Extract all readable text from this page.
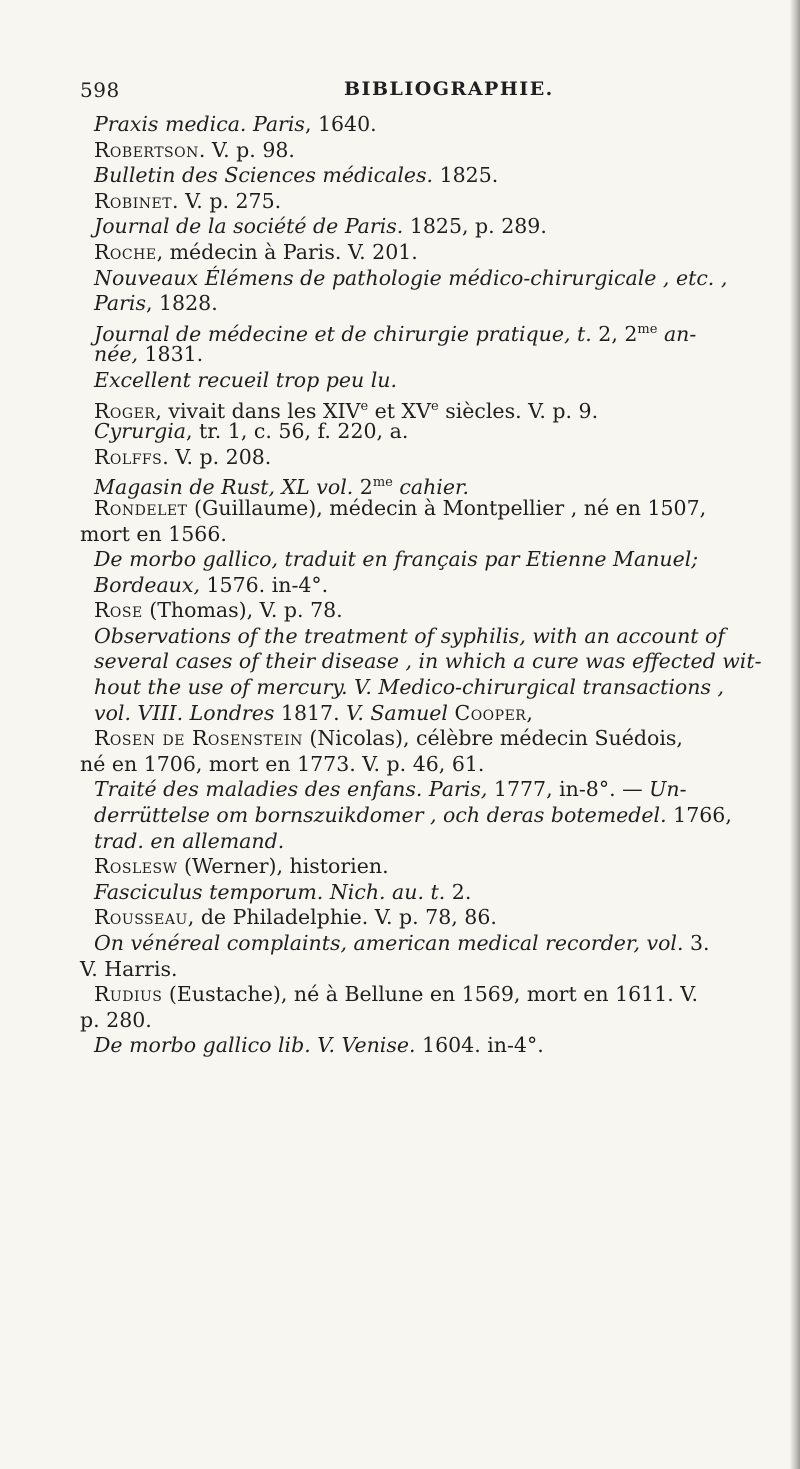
598	BIBLIOGRAPHIE.
Praxis medica. Paris, 1640.
Robertson. V. p. 98.
Bulletin des Sciences médicales. 1825.
Robinet. V. p. 275.
Journal de la société de Paris. 1825, p. 289.
Roche, médecin à Paris. V. 201.
Nouveaux Élémens de pathologie médico-chirurgicale , etc. ,
Paris, 1828.
Journal de médecine et de chirurgie pratique, t. 2, $2^{me}$ an-
née, 1831.
Excellent recueil trop peu lu.
Roger, vivait dans les XIVe et XVe siècles. V. p. 9.
Cyrurgia, tr. 1, c. 56, f. 220, a.
Rolffs. V. p. 208.
Magasin de Rust, XL vol. $2^{me}$ cahier.
Rondelet (Guillaume), médecin à Montpellier , né en 1507,
mort en 1566.
De morbo gallico, traduit en français par Etienne Manuel;
Bordeaux, 1576. in-4°.
Rose (Thomas), V. p. 78.
Observations of the treatment of syphilis, with an account of
several cases of their disease , in which a cure was effected wit-
hout the use of mercury. V. Medico-chirurgical transactions ,
vol. VIII. Londres 1817. V. Samuel Cooper,
Rosen de Rosenstein (Nicolas), célèbre médecin Suédois,
né en 1706, mort en 1773. V. p. 46, 61.
Traité des maladies des enfans. Paris, 1777, in-8°. — Un-
derrüttelse om bornszuikdomer , och deras botemedel. 1766,
trad. en allemand.
Roslesw (Werner), historien.
Fasciculus temporum. Nich. au. t. 2.
Rousseau, de Philadelphie. V. p. 78, 86.
On vénéreal complaints, american medical recorder, vol. 3.
V. Harris.
Rudius (Eustache), né à Bellune en 1569, mort en 1611. V.
p. 280.
De morbo gallico lib. V. Venise. 1604. in-4°.
